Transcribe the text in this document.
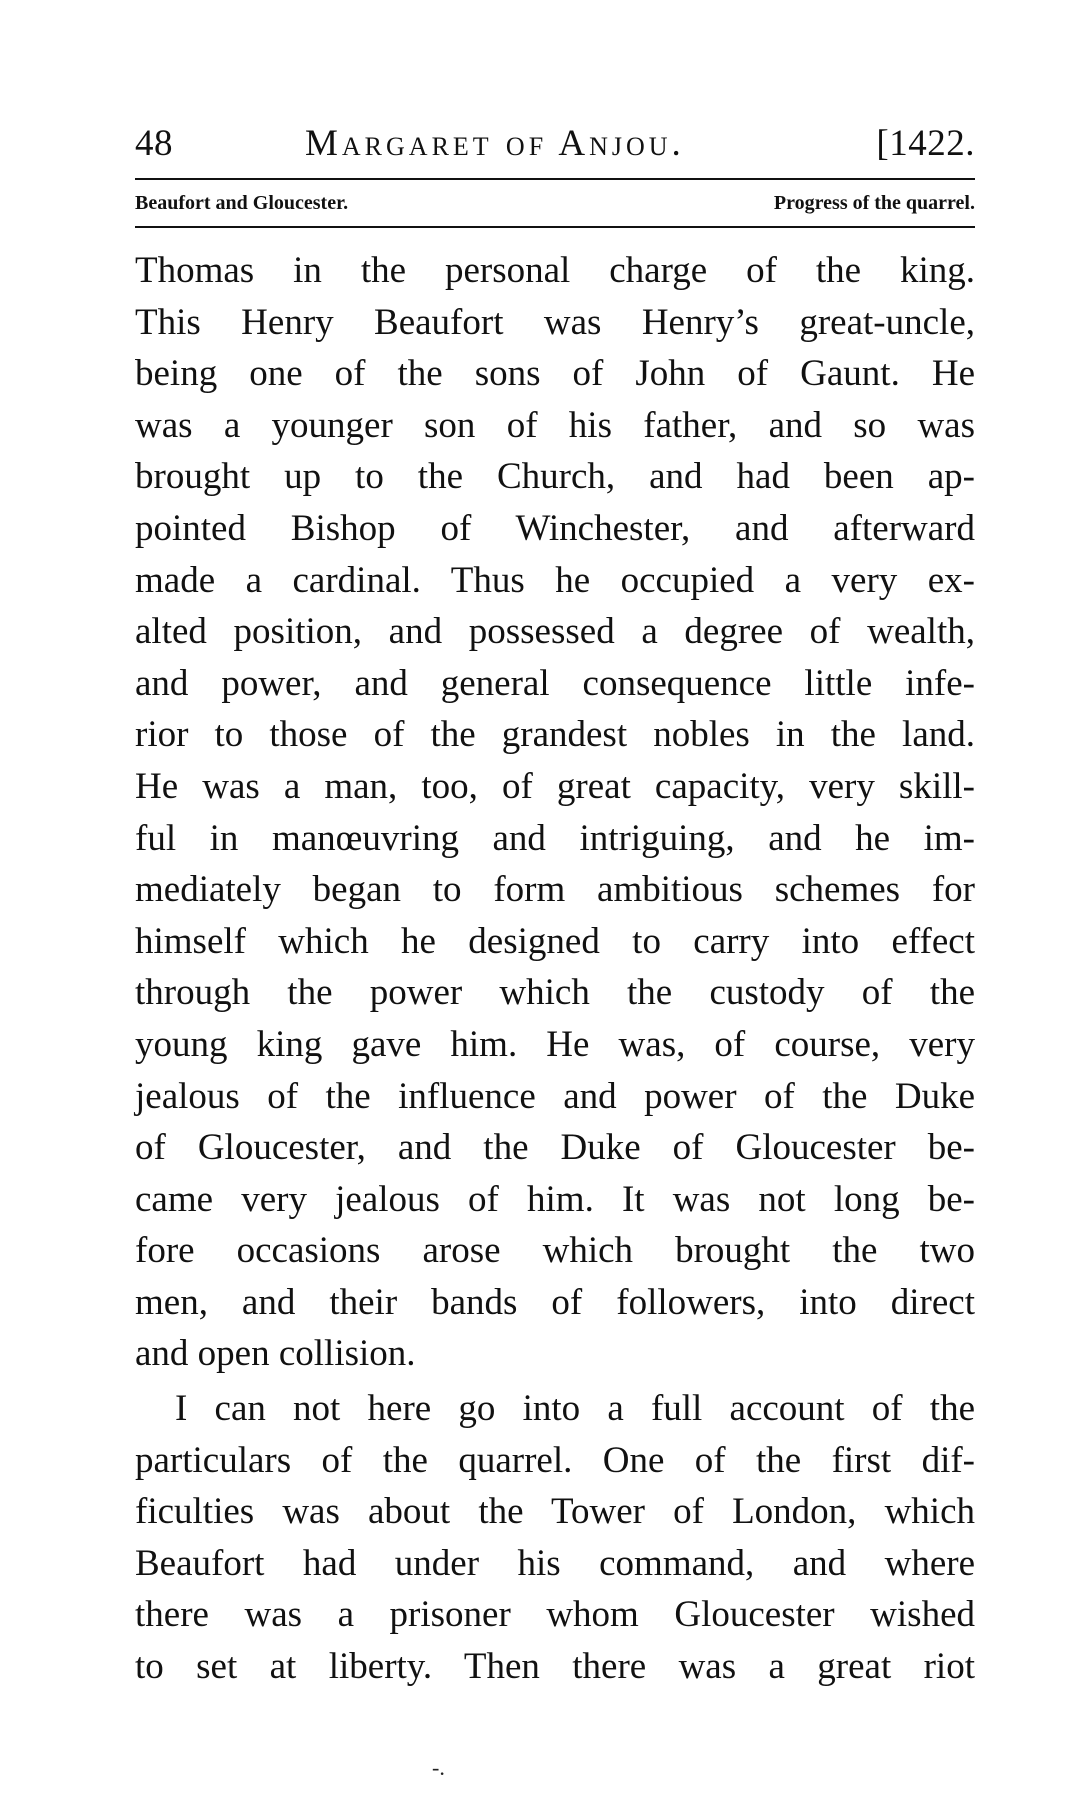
48	Margaret of Anjou.	[1422.
Beaufort and Gloucester.	Progress of the quarrel.
Thomas in the personal charge of the king.
This Henry Beaufort was Henry’s great-uncle,
being one of the sons of John of Gaunt. He
was a younger son of his father, and so was
brought up to the Church, and had been ap-
pointed Bishop of Winchester, and afterward
made a cardinal. Thus he occupied a very ex-
alted position, and possessed a degree of wealth,
and power, and general consequence little infe-
rior to those of the grandest nobles in the land.
He was a man, too, of great capacity, very skill-
ful in manœuvring and intriguing, and he im-
mediately began to form ambitious schemes for
himself which he designed to carry into effect
through the power which the custody of the
young king gave him. He was, of course, very
jealous of the influence and power of the Duke
of Gloucester, and the Duke of Gloucester be-
came very jealous of him. It was not long be-
fore occasions arose which brought the two
men, and their bands of followers, into direct
and open collision.
I can not here go into a full account of the
particulars of the quarrel. One of the first dif-
ficulties was about the Tower of London, which
Beaufort had under his command, and where
there was a prisoner whom Gloucester wished
to set at liberty. Then there was a great riot
-.
